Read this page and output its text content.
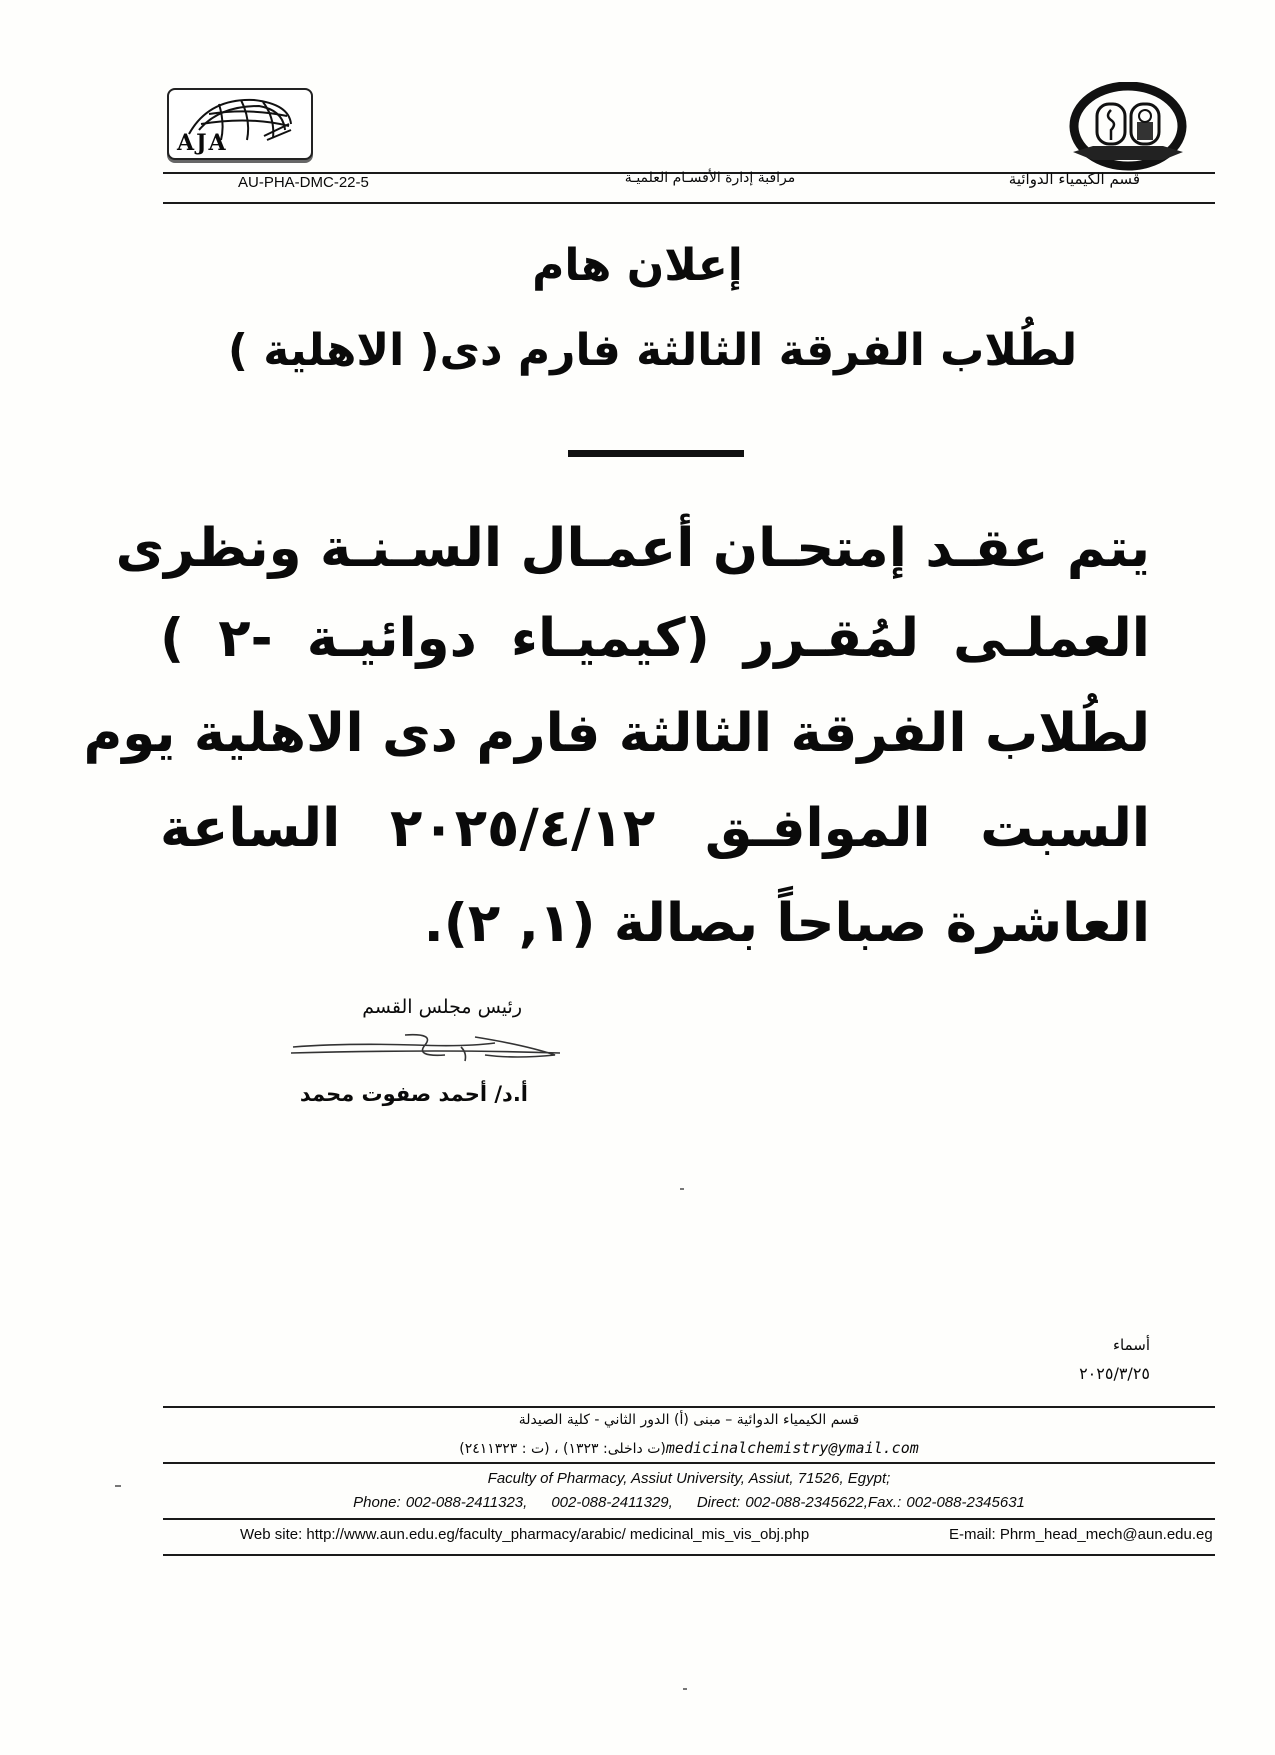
AJA
AU-PHA-DMC-22-5	مراقبة إدارة الأقسـام العلميـة	قسم الكيمياء الدوائية
إعلان هام
لطُلاب الفرقة الثالثة فارم دى( الاهلية )
يتم عقـد إمتحـان أعمـال السـنـة ونظرى
العملـى لمُقـرر (كيميـاء دوائيـة -٢ )
لطُلاب الفرقة الثالثة فارم دى الاهلية يوم
السبت الموافـق ٢٠٢٥/٤/١٢ الساعة
العاشرة صباحاً بصالة (١, ٢).
رئيس مجلس القسم
أ.د/ أحمد صفوت محمد
أسماء
٢٠٢٥/٣/٢٥
قسم الكيمياء الدوائية – مبنى (أ) الدور الثاني - كلية الصيدلة
medicinalchemistry@ymail.com(ت داخلى: ١٣٢٣) ، (ت : ٢٤١١٣٢٣)
Faculty of Pharmacy, Assiut University, Assiut, 71526, Egypt;
Phone: 002-088-2411323, 002-088-2411329, Direct: 002-088-2345622,Fax.: 002-088-2345631
Web site: http://www.aun.edu.eg/faculty_pharmacy/arabic/ medicinal_mis_vis_obj.php	E-mail: Phrm_head_mech@aun.edu.eg
